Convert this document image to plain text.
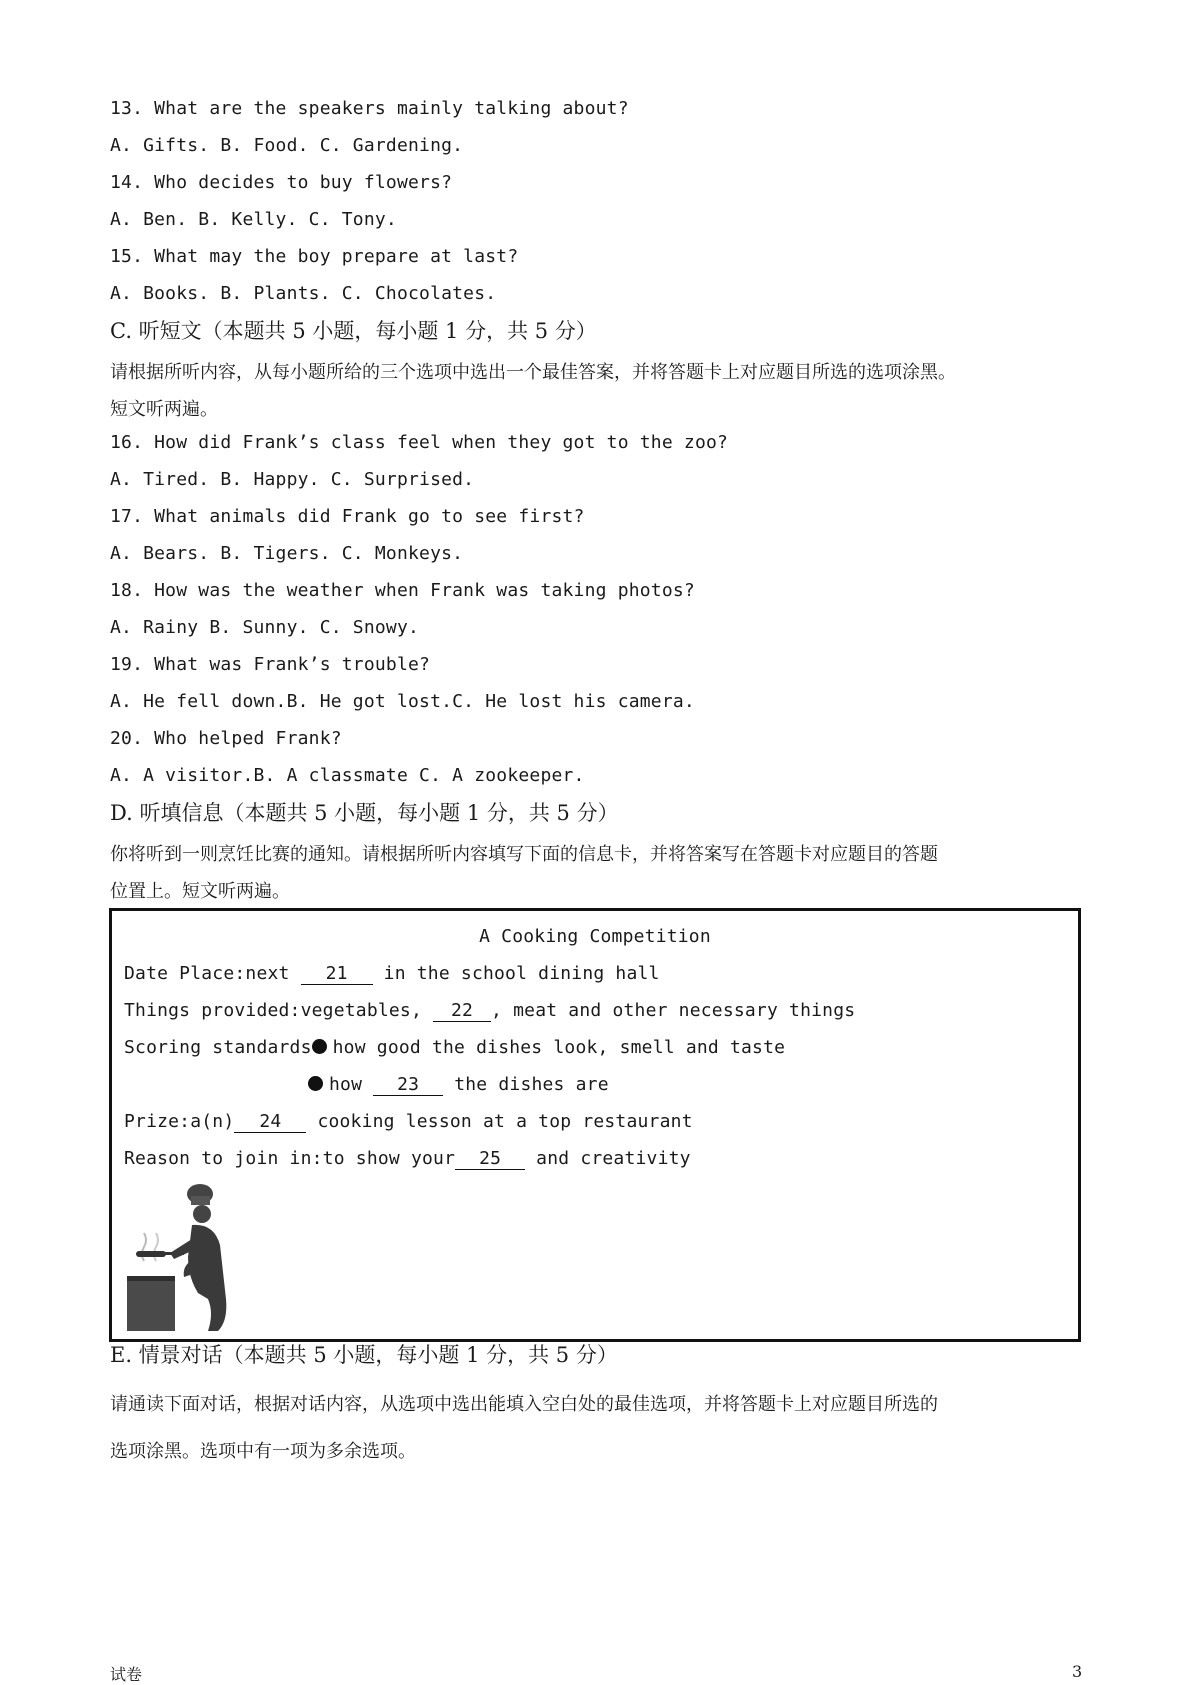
13. What are the speakers mainly talking about?
A. Gifts. B. Food. C. Gardening.
14. Who decides to buy flowers?
A. Ben. B. Kelly. C. Tony.
15. What may the boy prepare at last?
A. Books. B. Plants. C. Chocolates.
C. 听短文（本题共 5 小题，每小题 1 分，共 5 分）
请根据所听内容，从每小题所给的三个选项中选出一个最佳答案，并将答题卡上对应题目所选的选项涂黑。
短文听两遍。
16. How did Frank’s class feel when they got to the zoo?
A. Tired. B. Happy. C. Surprised.
17. What animals did Frank go to see first?
A. Bears. B. Tigers. C. Monkeys.
18. How was the weather when Frank was taking photos?
A. Rainy B. Sunny. C. Snowy.
19. What was Frank’s trouble?
A. He fell down.B. He got lost.C. He lost his camera.
20. Who helped Frank?
A. A visitor.B. A classmate C. A zookeeper.
D. 听填信息（本题共 5 小题，每小题 1 分，共 5 分）
你将听到一则烹饪比赛的通知。请根据所听内容填写下面的信息卡，并将答案写在答题卡对应题目的答题
位置上。短文听两遍。
A Cooking Competition
Date Place:next 21 in the school dining hall
Things provided:vegetables, 22 , meat and other necessary things
Scoring standards how good the dishes look, smell and taste
how 23 the dishes are
Prize:a(n) 24 cooking lesson at a top restaurant
Reason to join in:to show your 25 and creativity
E. 情景对话（本题共 5 小题，每小题 1 分，共 5 分）
请通读下面对话，根据对话内容，从选项中选出能填入空白处的最佳选项，并将答题卡上对应题目所选的
选项涂黑。选项中有一项为多余选项。
试卷	3
